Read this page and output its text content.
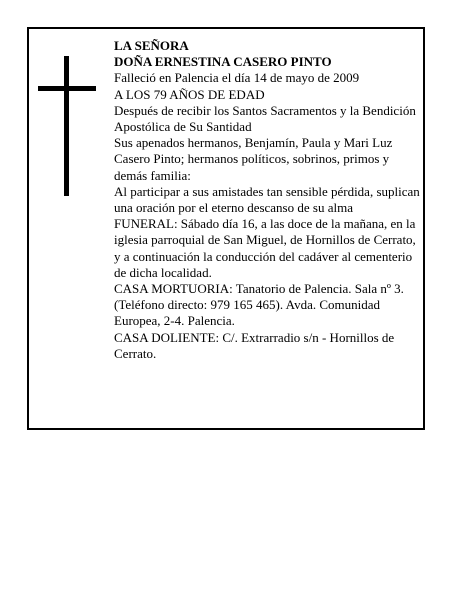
LA SEÑORA

DOÑA ERNESTINA CASERO PINTO

Falleció en Palencia el día 14 de mayo de 2009

A LOS 79 AÑOS DE EDAD

Después de recibir los Santos Sacramentos y la Bendición Apostólica de Su Santidad

Sus apenados hermanos, Benjamín, Paula y Mari Luz Casero Pinto; hermanos políticos, sobrinos, primos y demás familia:

Al participar a sus amistades tan sensible pérdida, suplican una oración por el eterno descanso de su alma

FUNERAL: Sábado día 16, a las doce de la mañana, en la iglesia parroquial de San Miguel, de Hornillos de Cerrato, y a continuación la conducción del cadáver al cementerio de dicha localidad.

CASA MORTUORIA: Tanatorio de Palencia. Sala nº 3. (Teléfono directo: 979 165 465). Avda. Comunidad Europea, 2-4. Palencia.

CASA DOLIENTE: C/. Extrarradio s/n - Hornillos de Cerrato.
